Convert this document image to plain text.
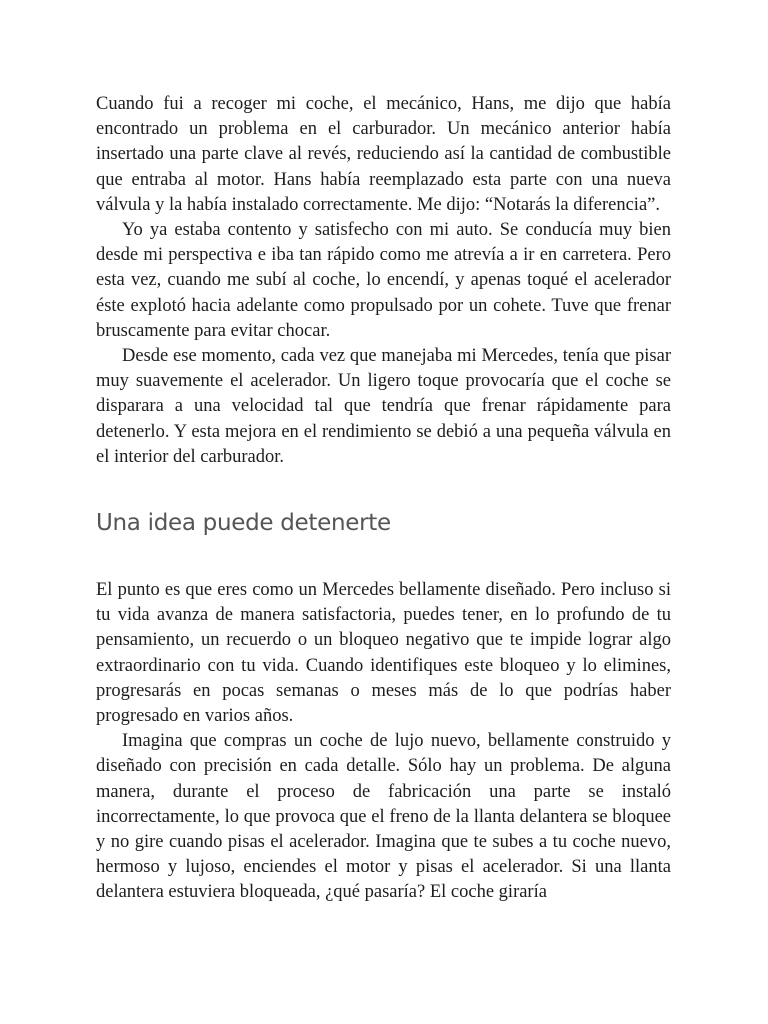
Cuando fui a recoger mi coche, el mecánico, Hans, me dijo que había encontrado un problema en el carburador. Un mecánico anterior había insertado una parte clave al revés, reduciendo así la cantidad de combustible que entraba al motor. Hans había reemplazado esta parte con una nueva válvula y la había instalado correctamente. Me dijo: “Notarás la diferencia”.

Yo ya estaba contento y satisfecho con mi auto. Se conducía muy bien desde mi perspectiva e iba tan rápido como me atrevía a ir en carretera. Pero esta vez, cuando me subí al coche, lo encendí, y apenas toqué el acelerador éste explotó hacia adelante como propulsado por un cohete. Tuve que frenar bruscamente para evitar chocar.

Desde ese momento, cada vez que manejaba mi Mercedes, tenía que pisar muy suavemente el acelerador. Un ligero toque provocaría que el coche se disparara a una velocidad tal que tendría que frenar rápidamente para detenerlo. Y esta mejora en el rendimiento se debió a una pequeña válvula en el interior del carburador.

Una idea puede detenerte

El punto es que eres como un Mercedes bellamente diseñado. Pero incluso si tu vida avanza de manera satisfactoria, puedes tener, en lo profundo de tu pensamiento, un recuerdo o un bloqueo negativo que te impide lograr algo extraordinario con tu vida. Cuando identifiques este bloqueo y lo elimines, progresarás en pocas semanas o meses más de lo que podrías haber progresado en varios años.

Imagina que compras un coche de lujo nuevo, bellamente construido y diseñado con precisión en cada detalle. Sólo hay un problema. De alguna manera, durante el proceso de fabricación una parte se instaló incorrectamente, lo que provoca que el freno de la llanta delantera se bloquee y no gire cuando pisas el acelerador. Imagina que te subes a tu coche nuevo, hermoso y lujoso, enciendes el motor y pisas el acelerador. Si una llanta delantera estuviera bloqueada, ¿qué pasaría? El coche giraría
